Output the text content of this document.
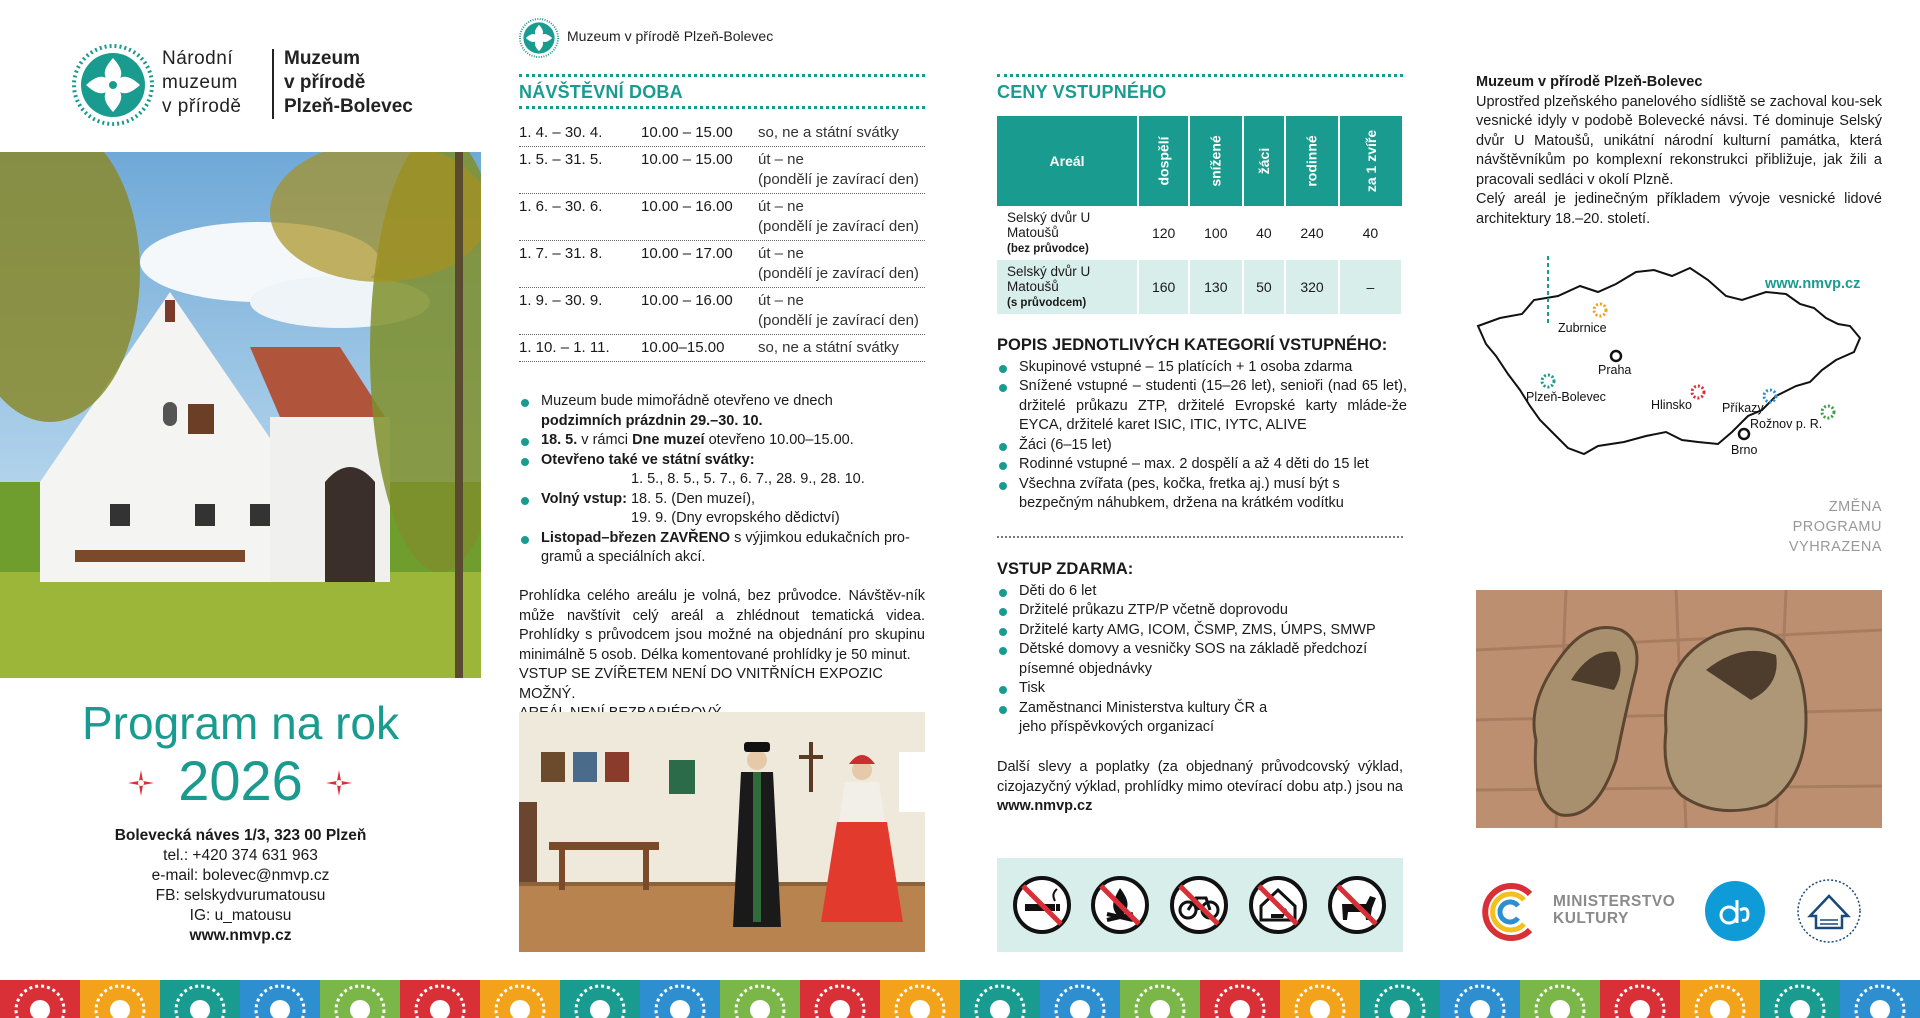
Národní
muzeum
v přírodě
Muzeum
v přírodě
Plzeň-Bolevec
Program na rok
2026
Bolevecká náves 1/3, 323 00 Plzeň
tel.: +420 374 631 963
e-mail: bolevec@nmvp.cz
FB: selskydvurumatousu
IG: u_matousu
www.nmvp.cz
Muzeum v přírodě Plzeň-Bolevec
NÁVŠTĚVNÍ DOBA
1. 4. – 30. 4.	10.00 – 15.00	so, ne a státní svátky
1. 5. – 31. 5.	10.00 – 15.00	út – ne
(pondělí je zavírací den)
1. 6. – 30. 6.	10.00 – 16.00	út – ne
(pondělí je zavírací den)
1. 7. – 31. 8.	10.00 – 17.00	út – ne
(pondělí je zavírací den)
1. 9. – 30. 9.	10.00 – 16.00	út – ne
(pondělí je zavírací den)
1. 10. – 1. 11.	10.00–15.00	so, ne a státní svátky
Muzeum bude mimořádně otevřeno ve dnech
podzimních prázdnin 29.–30. 10.
18. 5. v rámci Dne muzeí otevřeno 10.00–15.00.
Otevřeno také ve státní svátky:
1. 5., 8. 5., 5. 7., 6. 7., 28. 9., 28. 10.
Volný vstup: 18. 5. (Den muzeí),
19. 9. (Dny evropského dědictví)
Listopad–březen ZAVŘENO s výjimkou edukačních pro-gramů a speciálních akcí.
Prohlídka celého areálu je volná, bez průvodce. Návštěv-ník může navštívit celý areál a zhlédnout tematická videa. Prohlídky s průvodcem jsou možné na objednání pro skupinu minimálně 5 osob. Délka komentované prohlídky je 50 minut.
VSTUP SE ZVÍŘETEM NENÍ DO VNITŘNÍCH EXPOZIC MOŽNÝ.
CENY VSTUPNÉHO
Areál	dospělí	snížené	žáci	rodinné	za 1 zvíře

Selský dvůr U Matoušů
(bez průvodce)	120	100	40	240	40

Selský dvůr U Matoušů
(s průvodcem)	160	130	50	320	–
POPIS JEDNOTLIVÝCH KATEGORIÍ VSTUPNÉHO:
Skupinové vstupné – 15 platících + 1 osoba zdarma
Snížené vstupné – studenti (15–26 let), senioři (nad 65 let), držitelé průkazu ZTP, držitelé Evropské karty mláde-že EYCA, držitelé karet ISIC, ITIC, IYTC, ALIVE
Žáci (6–15 let)
Rodinné vstupné – max. 2 dospělí a až 4 děti do 15 let
Všechna zvířata (pes, kočka, fretka aj.) musí být s bezpečným náhubkem, držena na krátkém vodítku
VSTUP ZDARMA:
Děti do 6 let
Držitelé průkazu ZTP/P včetně doprovodu
Držitelé karty AMG, ICOM, ČSMP, ZMS, ÚMPS, SMWP
Dětské domovy a vesničky SOS na základě předchozí písemné objednávky
Tisk
Zaměstnanci Ministerstva kultury ČR a jeho příspěvkových organizací
Další slevy a poplatky (za objednaný průvodcovský výklad, cizojazyčný výklad, prohlídky mimo otevírací dobu atp.) jsou na www.nmvp.cz
Muzeum v přírodě Plzeň-Bolevec
Uprostřed plzeňského panelového sídliště se zachoval kou-sek vesnické idyly v podobě Bolevecké návsi. Té dominuje Selský dvůr U Matoušů, unikátní národní kulturní památka, která návštěvníkům po komplexní rekonstrukci přibližuje, jak žili a pracovali sedláci v okolí Plzně.
Celý areál je jedinečným příkladem vývoje vesnické lidové architektury 18.–20. století.
www.nmvp.cz
Zubrnice
Praha
Plzeň-Bolevec
Hlinsko Příkazy
Rožnov p. R.
Brno
ZMĚNA
PROGRAMU
VYHRAZENA
MINISTERSTVO
KULTURY
